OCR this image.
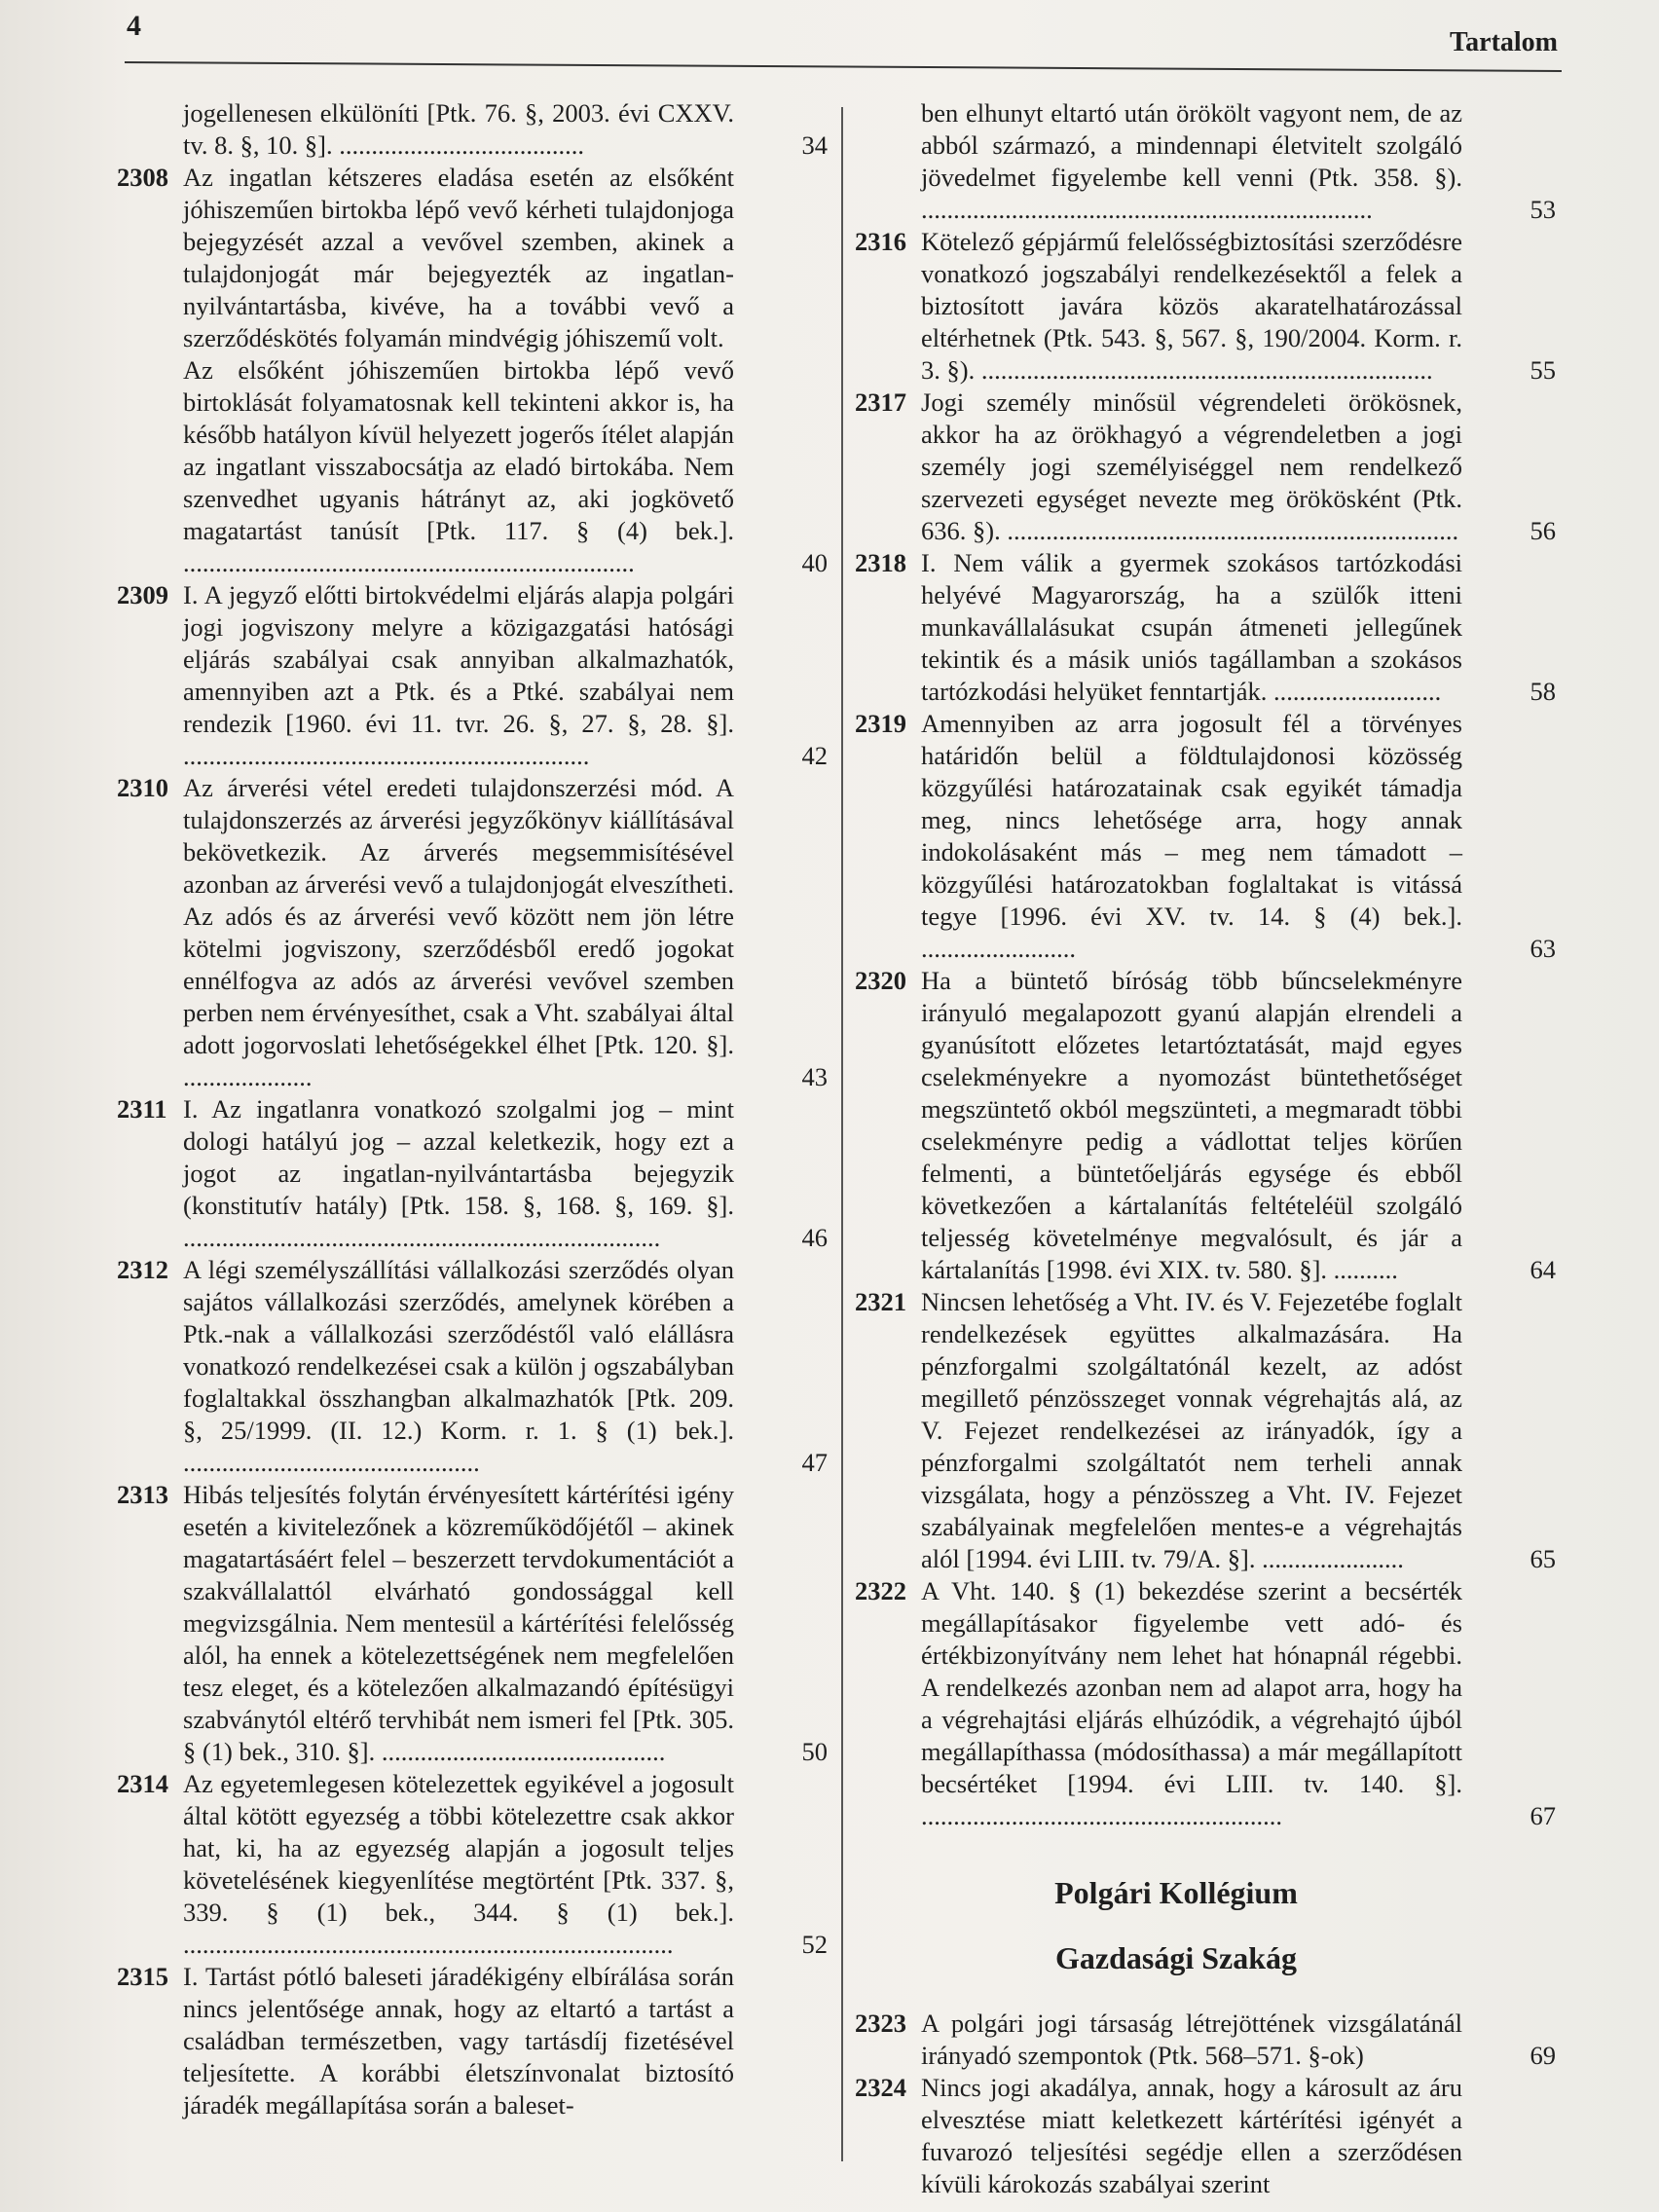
4
Tartalom

jogellenesen elkülöníti [Ptk. 76. §, 2003. évi CXXV. tv. 8. §, 10. §]. ......................................	34
2308 Az ingatlan kétszeres eladása esetén az elsőként jóhiszeműen birtokba lépő vevő kérheti tulajdonjoga bejegyzését azzal a vevővel szemben, akinek a tulajdonjogát már bejegyezték az ingatlan-nyilvántartásba, kivéve, ha a további vevő a szerződéskötés folyamán mindvégig jóhiszemű volt.

Az elsőként jóhiszeműen birtokba lépő vevő birtoklását folyamatosnak kell tekinteni akkor is, ha később hatályon kívül helyezett jogerős ítélet alapján az ingatlant visszabocsátja az eladó birtokába. Nem szenvedhet ugyanis hátrányt az, aki jogkövető magatartást tanúsít [Ptk. 117. § (4) bek.]. ......................................................................	40
2309 I. A jegyző előtti birtokvédelmi eljárás alapja polgári jogi jogviszony melyre a közigazgatási hatósági eljárás szabályai csak annyiban alkalmazhatók, amennyiben azt a Ptk. és a Ptké. szabályai nem rendezik [1960. évi 11. tvr. 26. §, 27. §, 28. §]. ...............................................................	42
2310 Az árverési vétel eredeti tulajdonszerzési mód. A tulajdonszerzés az árverési jegyzőkönyv kiállításával bekövetkezik. Az árverés megsemmisítésével azonban az árverési vevő a tulajdonjogát elveszítheti. Az adós és az árverési vevő között nem jön létre kötelmi jogviszony, szerződésből eredő jogokat ennélfogva az adós az árverési vevővel szemben perben nem érvényesíthet, csak a Vht. szabályai által adott jogorvoslati lehetőségekkel élhet [Ptk. 120. §]. ....................	43
2311 I. Az ingatlanra vonatkozó szolgalmi jog – mint dologi hatályú jog – azzal keletkezik, hogy ezt a jogot az ingatlan-nyilvántartásba bejegyzik (konstitutív hatály) [Ptk. 158. §, 168. §, 169. §]. ..........................................................................	46
2312 A légi személyszállítási vállalkozási szerződés olyan sajátos vállalkozási szerződés, amelynek körében a Ptk.-nak a vállalkozási szerződéstől való elállásra vonatkozó rendelkezései csak a külön j ogszabályban foglaltakkal összhangban alkalmazhatók [Ptk. 209. §, 25/1999. (II. 12.) Korm. r. 1. § (1) bek.]. ..............................................	47
2313 Hibás teljesítés folytán érvényesített kártérítési igény esetén a kivitelezőnek a közreműködőjétől – akinek magatartásáért felel – beszerzett tervdokumentációt a szakvállalattól elvárható gondossággal kell megvizsgálnia. Nem mentesül a kártérítési felelősség alól, ha ennek a kötelezettségének nem megfelelően tesz eleget, és a kötelezően alkalmazandó építésügyi szabványtól eltérő tervhibát nem ismeri fel [Ptk. 305. § (1) bek., 310. §]. ............................................	50
2314 Az egyetemlegesen kötelezettek egyikével a jogosult által kötött egyezség a többi kötelezettre csak akkor hat, ki, ha az egyezség alapján a jogosult teljes követelésének kiegyenlítése megtörtént [Ptk. 337. §, 339. § (1) bek., 344. § (1) bek.]. ............................................................................	52
2315 I. Tartást pótló baleseti járadékigény elbírálása során nincs jelentősége annak, hogy az eltartó a tartást a családban természetben, vagy tartásdíj fizetésével teljesítette. A korábbi életszínvonalat biztosító járadék megállapítása során a baleset-

ben elhunyt eltartó után örökölt vagyont nem, de az abból származó, a mindennapi életvitelt szolgáló jövedelmet figyelembe kell venni (Ptk. 358. §). ......................................................................	53
2316 Kötelező gépjármű felelősségbiztosítási szerződésre vonatkozó jogszabályi rendelkezésektől a felek a biztosított javára közös akaratelhatározással eltérhetnek (Ptk. 543. §, 567. §, 190/2004. Korm. r. 3. §). ......................................................................	55
2317 Jogi személy minősül végrendeleti örökösnek, akkor ha az örökhagyó a végrendeletben a jogi személy jogi személyiséggel nem rendelkező szervezeti egységet nevezte meg örökösként (Ptk. 636. §). ......................................................................	56
2318 I. Nem válik a gyermek szokásos tartózkodási helyévé Magyarország, ha a szülők itteni munkavállalásukat csupán átmeneti jellegűnek tekintik és a másik uniós tagállamban a szokásos tartózkodási helyüket fenntartják. ..........................	58
2319 Amennyiben az arra jogosult fél a törvényes határidőn belül a földtulajdonosi közösség közgyűlési határozatainak csak egyikét támadja meg, nincs lehetősége arra, hogy annak indokolásaként más – meg nem támadott – közgyűlési határozatokban foglaltakat is vitássá tegye [1996. évi XV. tv. 14. § (4) bek.]. ........................	63
2320 Ha a büntető bíróság több bűncselekményre irányuló megalapozott gyanú alapján elrendeli a gyanúsított előzetes letartóztatását, majd egyes cselekményekre a nyomozást büntethetőséget megszüntető okból megszünteti, a megmaradt többi cselekményre pedig a vádlottat teljes körűen felmenti, a büntetőeljárás egysége és ebből következően a kártalanítás feltételéül szolgáló teljesség követelménye megvalósult, és jár a kártalanítás [1998. évi XIX. tv. 580. §]. ..........	64
2321 Nincsen lehetőség a Vht. IV. és V. Fejezetébe foglalt rendelkezések együttes alkalmazására. Ha pénzforgalmi szolgáltatónál kezelt, az adóst megillető pénzösszeget vonnak végrehajtás alá, az V. Fejezet rendelkezései az irányadók, így a pénzforgalmi szolgáltatót nem terheli annak vizsgálata, hogy a pénzösszeg a Vht. IV. Fejezet szabályainak megfelelően mentes-e a végrehajtás alól [1994. évi LIII. tv. 79/A. §]. ......................	65
2322 A Vht. 140. § (1) bekezdése szerint a becsérték megállapításakor figyelembe vett adó- és értékbizonyítvány nem lehet hat hónapnál régebbi. A rendelkezés azonban nem ad alapot arra, hogy ha a végrehajtási eljárás elhúzódik, a végrehajtó újból megállapíthassa (módosíthassa) a már megállapított becsértéket [1994. évi LIII. tv. 140. §]. ........................................................	67
Polgári Kollégium
Gazdasági Szakág
2323 A polgári jogi társaság létrejöttének vizsgálatánál irányadó szempontok (Ptk. 568–571. §-ok)	69
2324 Nincs jogi akadálya, annak, hogy a károsult az áru elvesztése miatt keletkezett kártérítési igényét a fuvarozó teljesítési segédje ellen a szerződésen kívüli károkozás szabályai szerint
